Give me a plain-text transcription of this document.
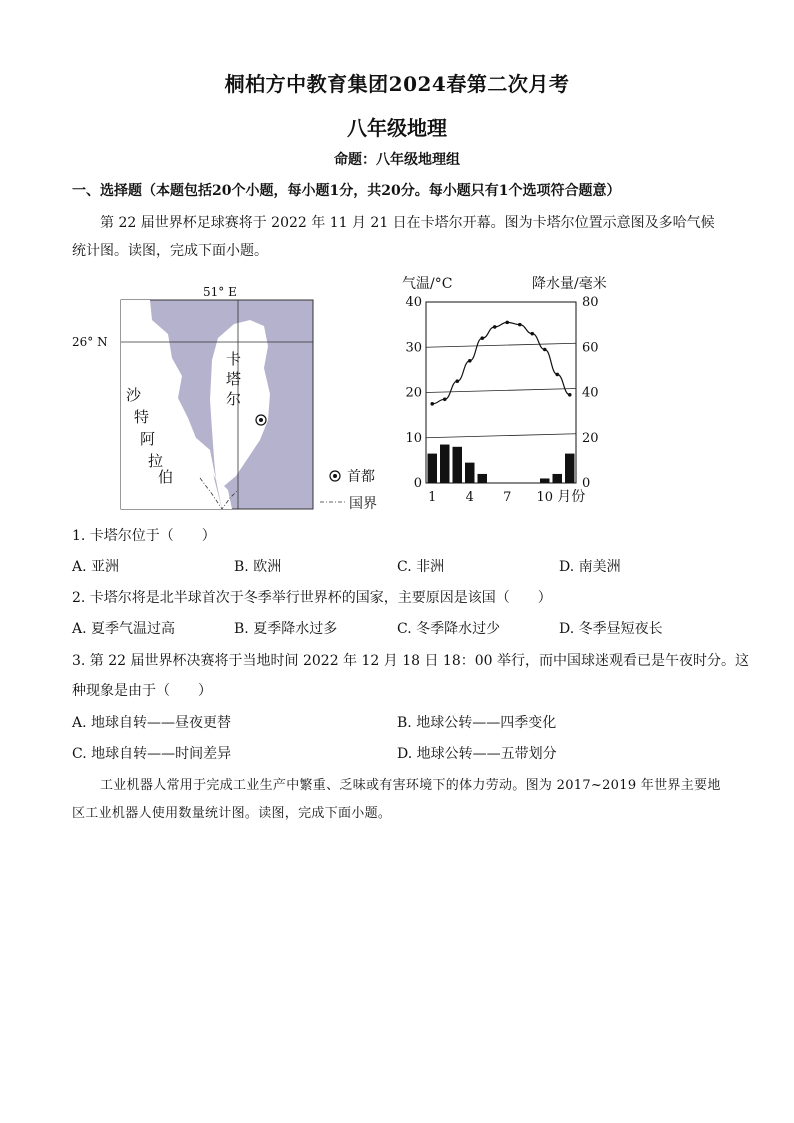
桐柏方中教育集团2024春第二次月考
八年级地理
命题：八年级地理组
一、选择题（本题包括20个小题，每小题1分，共20分。每小题只有1个选项符合题意）
第 22 届世界杯足球赛将于 2022 年 11 月 21 日在卡塔尔开幕。图为卡塔尔位置示意图及多哈气候统计图。读图，完成下面小题。
51° E
26° N
卡
塔
尔
沙
特
阿
拉
伯	首都
国界
气温/°C	降水量/毫米
0
10
20
30
40
0
20
40
60
80
1 4 7 10 月份
1. 卡塔尔位于（　　）
A. 亚洲	B. 欧洲	C. 非洲	D. 南美洲
2. 卡塔尔将是北半球首次于冬季举行世界杯的国家，主要原因是该国（　　）
A. 夏季气温过高	B. 夏季降水过多	C. 冬季降水过少	D. 冬季昼短夜长
3. 第 22 届世界杯决赛将于当地时间 2022 年 12 月 18 日 18：00 举行，而中国球迷观看已是午夜时分。这
种现象是由于（　　）
A. 地球自转——昼夜更替	B. 地球公转——四季变化
C. 地球自转——时间差异	D. 地球公转——五带划分
工业机器人常用于完成工业生产中繁重、乏味或有害环境下的体力劳动。图为 2017~2019 年世界主要地区工业机器人使用数量统计图。读图，完成下面小题。
